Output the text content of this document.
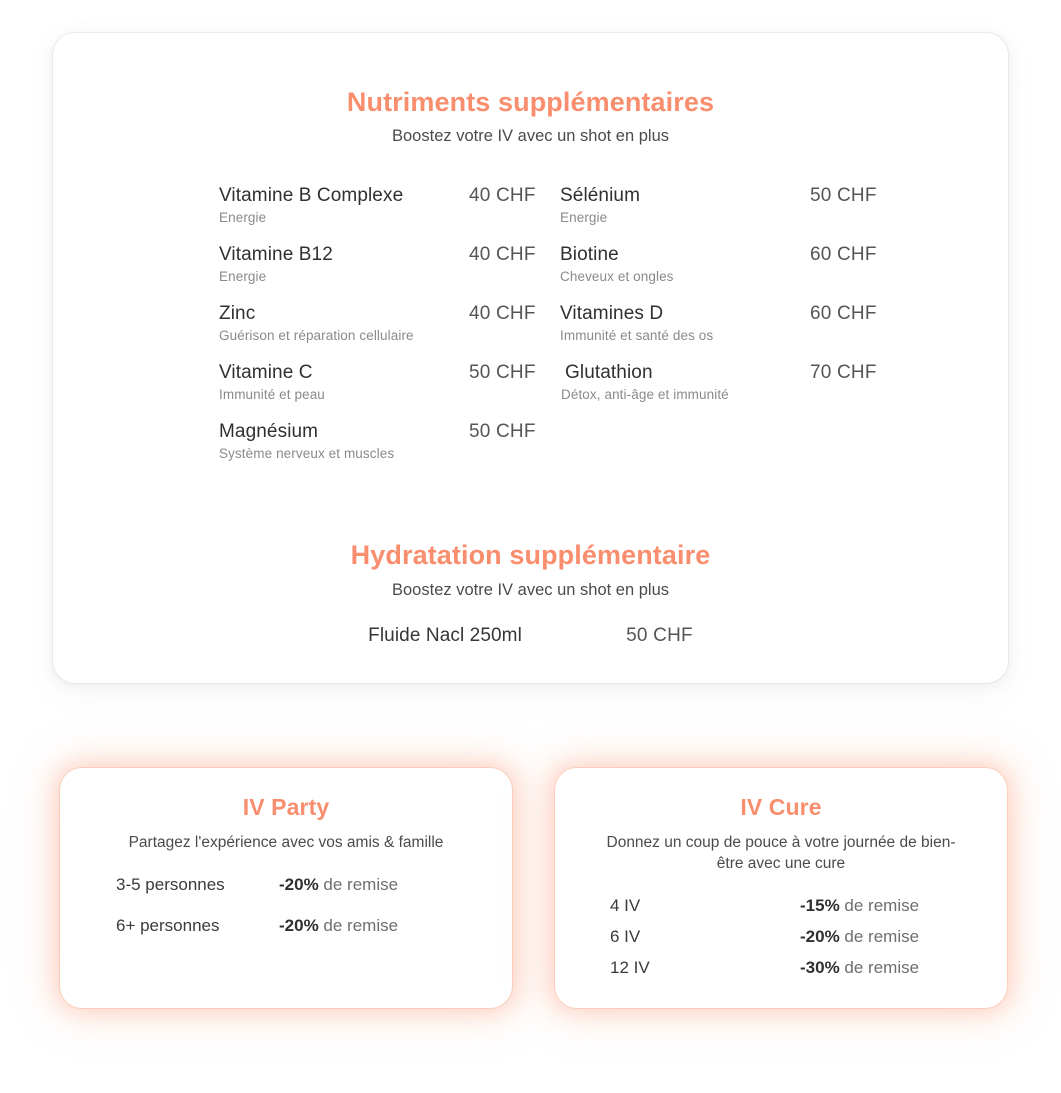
Nutriments supplémentaires

Boostez votre IV avec un shot en plus

Vitamine B Complexe
Energie
40 CHF
Vitamine B12
Energie
40 CHF
Zinc
Guérison et réparation cellulaire
40 CHF
Vitamine C
Immunité et peau
50 CHF
Magnésium
Système nerveux et muscles
50 CHF
Sélénium
Energie
50 CHF
Biotine
Cheveux et ongles
60 CHF
Vitamines D
Immunité et santé des os
60 CHF
Glutathion
Détox, anti-âge et immunité
70 CHF
Hydratation supplémentaire

Boostez votre IV avec un shot en plus

Fluide Nacl 250ml	50 CHF
IV Party
Partagez l'expérience avec vos amis & famille
3-5 personnes	-20% de remise
6+ personnes	-20% de remise
IV Cure
Donnez un coup de pouce à votre journée de bien-être avec une cure
4 IV	-15% de remise
6 IV	-20% de remise
12 IV	-30% de remise
